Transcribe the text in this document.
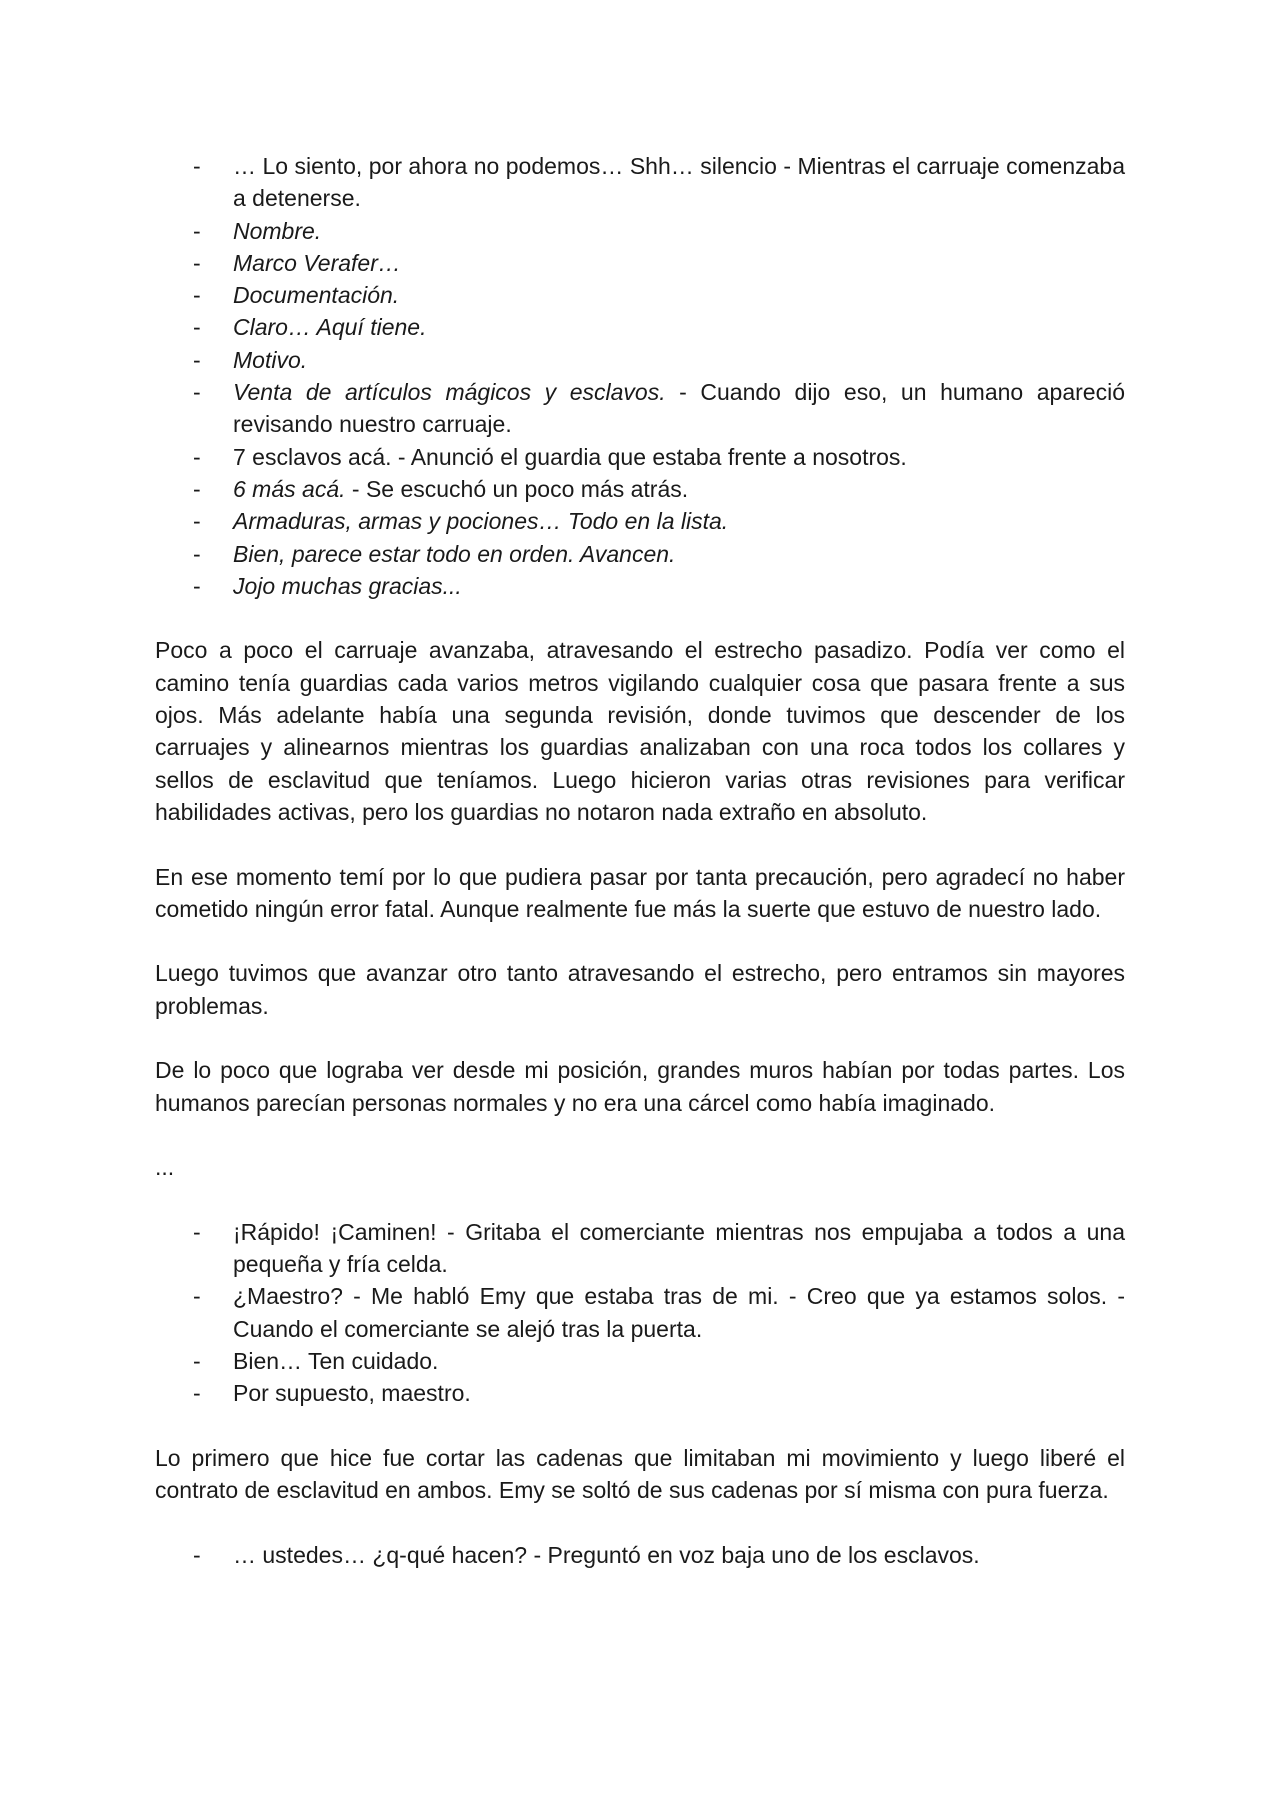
- … Lo siento, por ahora no podemos… Shh… silencio - Mientras el carruaje comenzaba a detenerse.
- Nombre.
- Marco Verafer…
- Documentación.
- Claro… Aquí tiene.
- Motivo.
- Venta de artículos mágicos y esclavos. - Cuando dijo eso, un humano apareció revisando nuestro carruaje.
- 7 esclavos acá. - Anunció el guardia que estaba frente a nosotros.
- 6 más acá. - Se escuchó un poco más atrás.
- Armaduras, armas y pociones… Todo en la lista.
- Bien, parece estar todo en orden. Avancen.
- Jojo muchas gracias...

Poco a poco el carruaje avanzaba, atravesando el estrecho pasadizo. Podía ver como el camino tenía guardias cada varios metros vigilando cualquier cosa que pasara frente a sus ojos. Más adelante había una segunda revisión, donde tuvimos que descender de los carruajes y alinearnos mientras los guardias analizaban con una roca todos los collares y sellos de esclavitud que teníamos. Luego hicieron varias otras revisiones para verificar habilidades activas, pero los guardias no notaron nada extraño en absoluto.

En ese momento temí por lo que pudiera pasar por tanta precaución, pero agradecí no haber cometido ningún error fatal. Aunque realmente fue más la suerte que estuvo de nuestro lado.

Luego tuvimos que avanzar otro tanto atravesando el estrecho, pero entramos sin mayores problemas.

De lo poco que lograba ver desde mi posición, grandes muros habían por todas partes. Los humanos parecían personas normales y no era una cárcel como había imaginado.

...

- ¡Rápido! ¡Caminen! - Gritaba el comerciante mientras nos empujaba a todos a una pequeña y fría celda.
- ¿Maestro? - Me habló Emy que estaba tras de mi. - Creo que ya estamos solos. - Cuando el comerciante se alejó tras la puerta.
- Bien… Ten cuidado.
- Por supuesto, maestro.

Lo primero que hice fue cortar las cadenas que limitaban mi movimiento y luego liberé el contrato de esclavitud en ambos. Emy se soltó de sus cadenas por sí misma con pura fuerza.

- … ustedes… ¿q-qué hacen? - Preguntó en voz baja uno de los esclavos.
